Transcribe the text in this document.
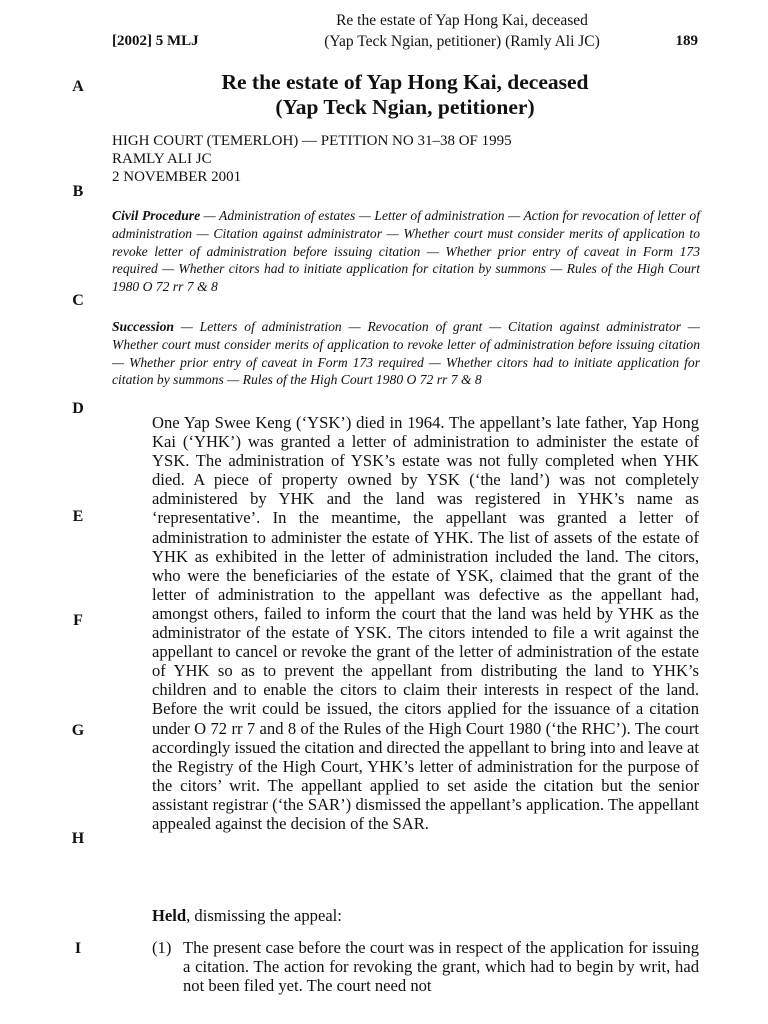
[2002] 5 MLJ
Re the estate of Yap Hong Kai, deceased
(Yap Teck Ngian, petitioner) (Ramly Ali JC)	189
A
B
C
D
E
F
G
H
I
Re the estate of Yap Hong Kai, deceased
(Yap Teck Ngian, petitioner)
HIGH COURT (TEMERLOH) — PETITION NO 31–38 OF 1995
RAMLY ALI JC
2 NOVEMBER 2001
Civil Procedure — Administration of estates — Letter of administration — Action for revocation of letter of administration — Citation against administrator — Whether court must consider merits of application to revoke letter of administration before issuing citation — Whether prior entry of caveat in Form 173 required — Whether citors had to initiate application for citation by summons — Rules of the High Court 1980 O 72 rr 7 & 8
Succession — Letters of administration — Revocation of grant — Citation against administrator — Whether court must consider merits of application to revoke letter of administration before issuing citation — Whether prior entry of caveat in Form 173 required — Whether citors had to initiate application for citation by summons — Rules of the High Court 1980 O 72 rr 7 & 8
One Yap Swee Keng (‘YSK’) died in 1964. The appellant’s late father, Yap Hong Kai (‘YHK’) was granted a letter of administration to administer the estate of YSK. The administration of YSK’s estate was not fully completed when YHK died. A piece of property owned by YSK (‘the land’) was not completely administered by YHK and the land was registered in YHK’s name as ‘representative’. In the meantime, the appellant was granted a letter of administration to administer the estate of YHK. The list of assets of the estate of YHK as exhibited in the letter of administration included the land. The citors, who were the beneficiaries of the estate of YSK, claimed that the grant of the letter of administration to the appellant was defective as the appellant had, amongst others, failed to inform the court that the land was held by YHK as the administrator of the estate of YSK. The citors intended to file a writ against the appellant to cancel or revoke the grant of the letter of administration of the estate of YHK so as to prevent the appellant from distributing the land to YHK’s children and to enable the citors to claim their interests in respect of the land. Before the writ could be issued, the citors applied for the issuance of a citation under O 72 rr 7 and 8 of the Rules of the High Court 1980 (‘the RHC’). The court accordingly issued the citation and directed the appellant to bring into and leave at the Registry of the High Court, YHK’s letter of administration for the purpose of the citors’ writ. The appellant applied to set aside the citation but the senior assistant registrar (‘the SAR’) dismissed the appellant’s application. The appellant appealed against the decision of the SAR.
Held, dismissing the appeal:
(1) The present case before the court was in respect of the application for issuing a citation. The action for revoking the grant, which had to begin by writ, had not been filed yet. The court need not
